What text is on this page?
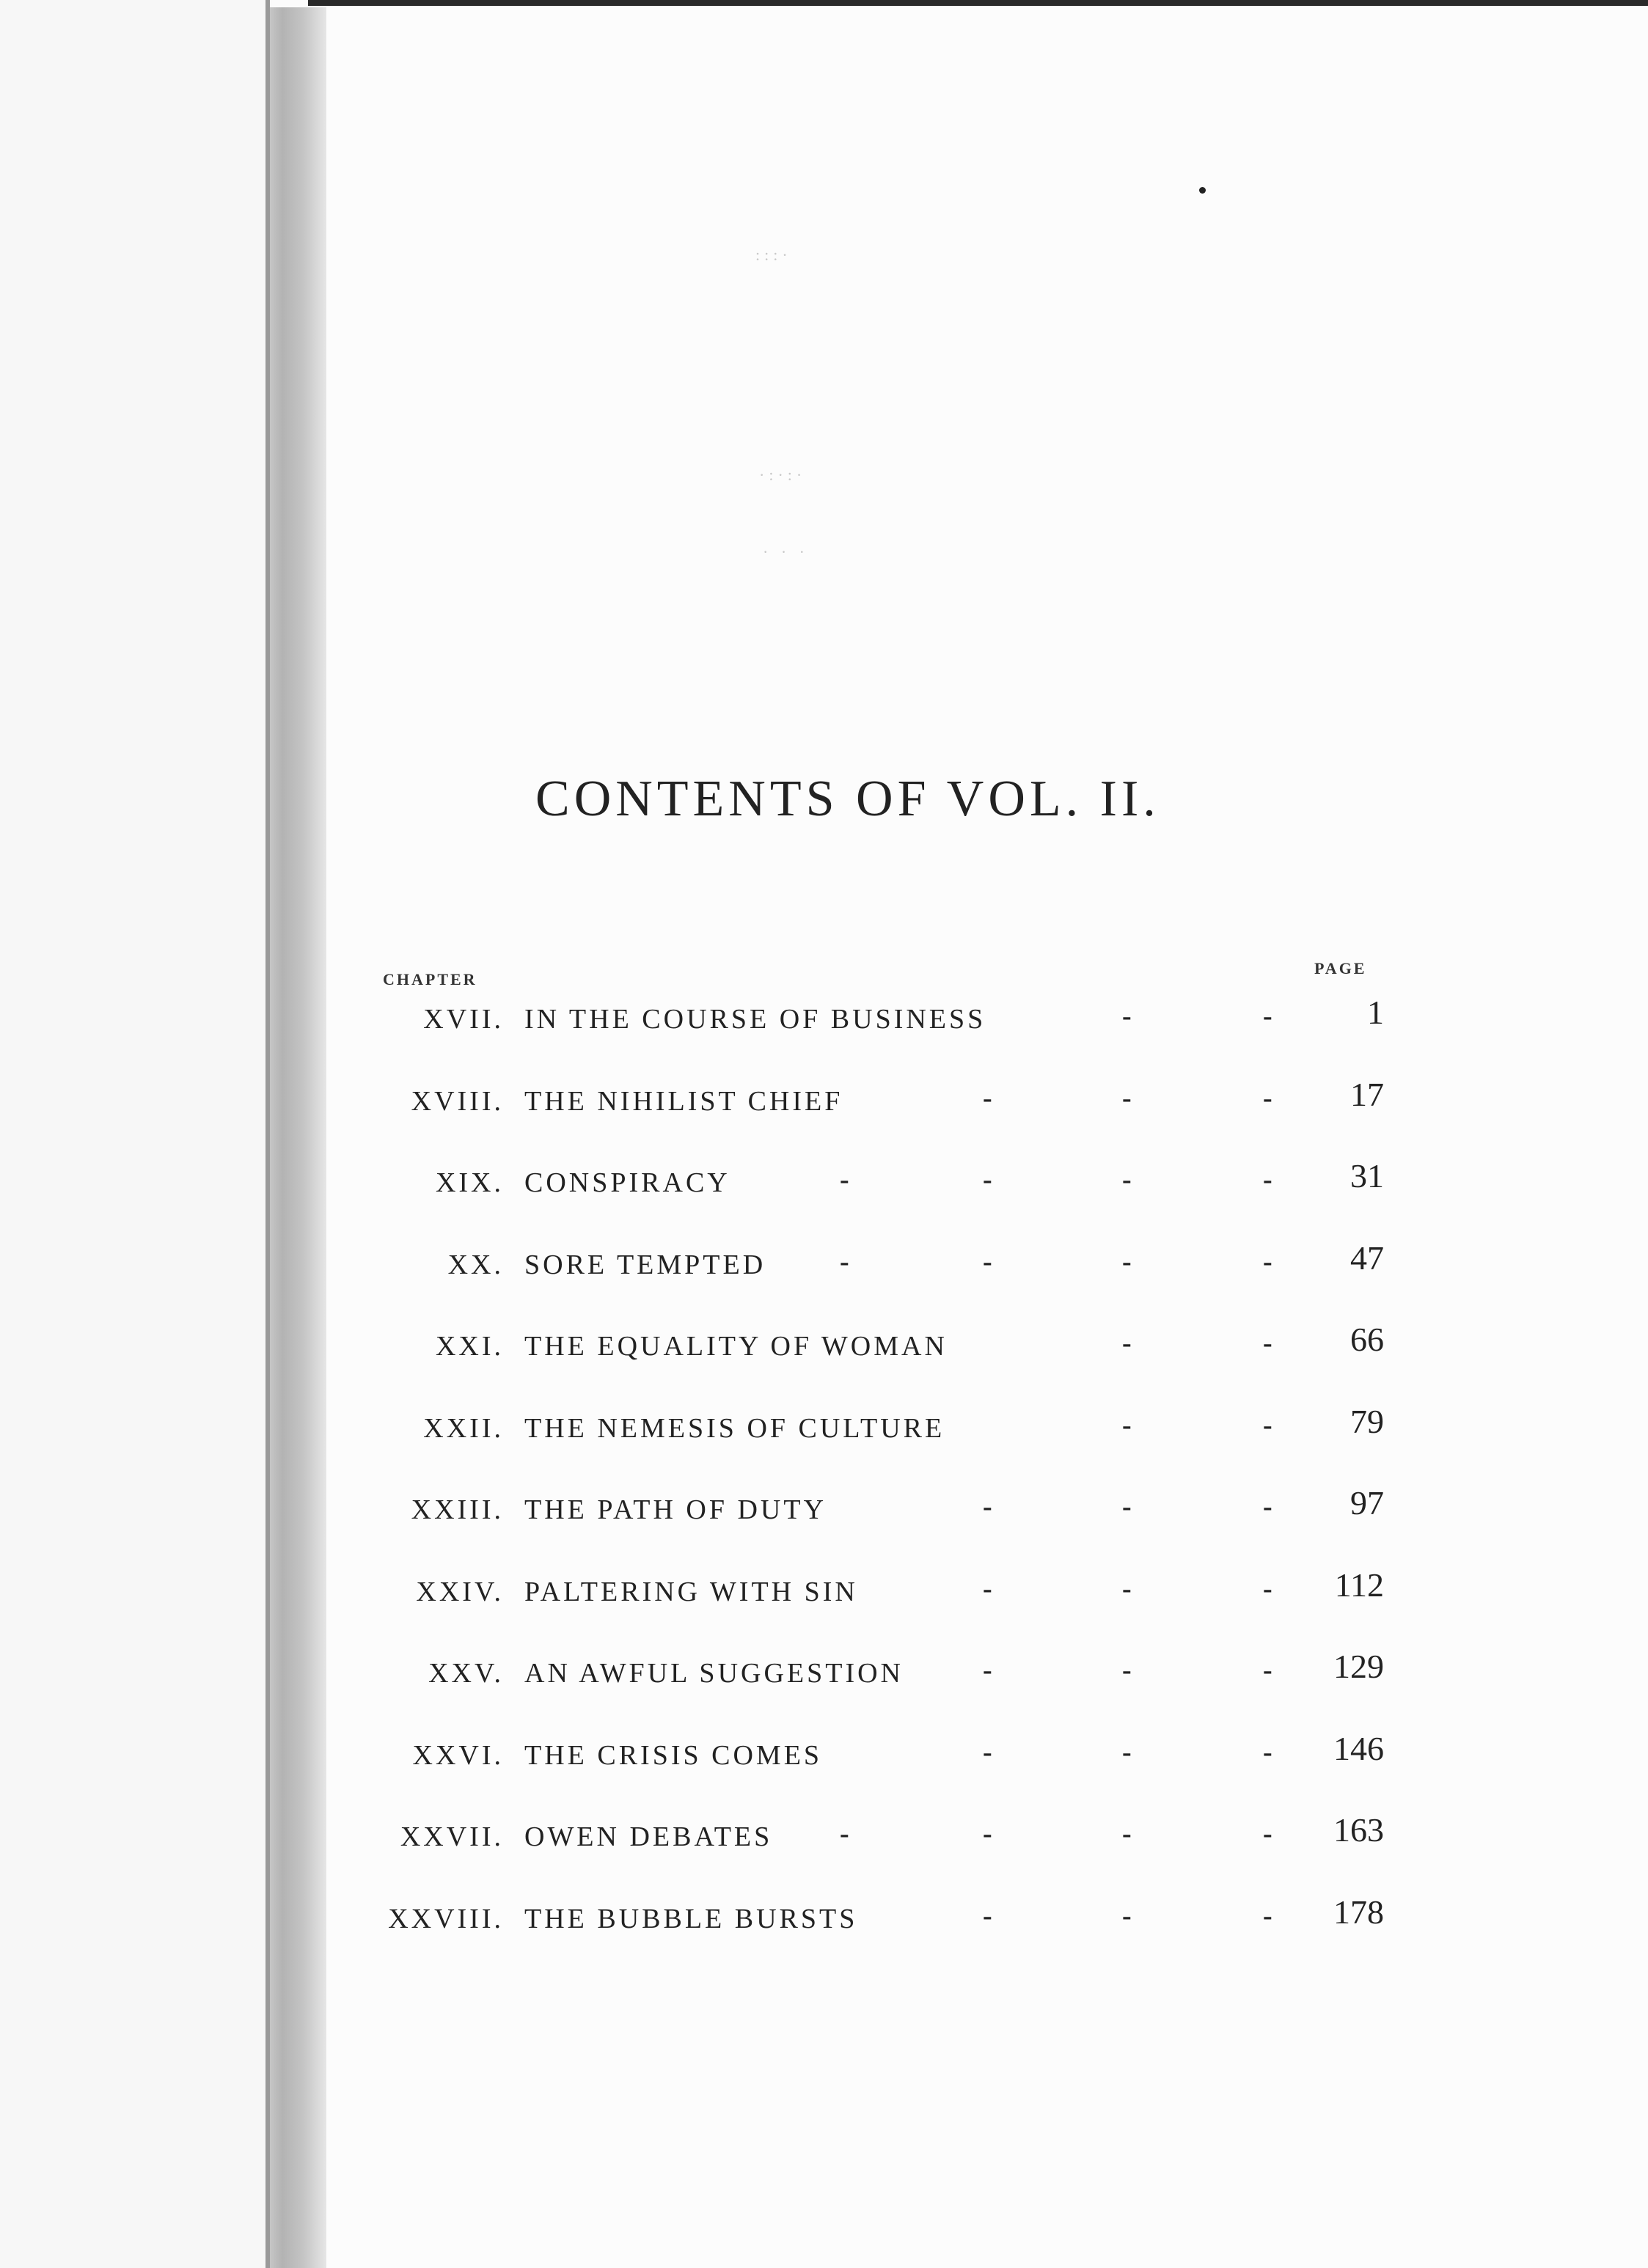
:::·
·:·:·
· · ·
CONTENTS OF VOL. II.
CHAPTER
PAGE
XVII. IN THE COURSE OF BUSINESS	-	-	1
XVIII. THE NIHILIST CHIEF	-	-	- 17
XIX. CONSPIRACY	-	-	-	- 31
XX. SORE TEMPTED	-	-	-	- 47
XXI. THE EQUALITY OF WOMAN	-	- 66
XXII. THE NEMESIS OF CULTURE	-	- 79
XXIII. THE PATH OF DUTY	-	-	- 97
XXIV. PALTERING WITH SIN	-	-	- 112
XXV. AN AWFUL SUGGESTION	-	-	- 129
XXVI. THE CRISIS COMES	-	-	- 146
XXVII. OWEN DEBATES -	-	-	- 163
XXVIII. THE BUBBLE BURSTS	-	-	- 178
